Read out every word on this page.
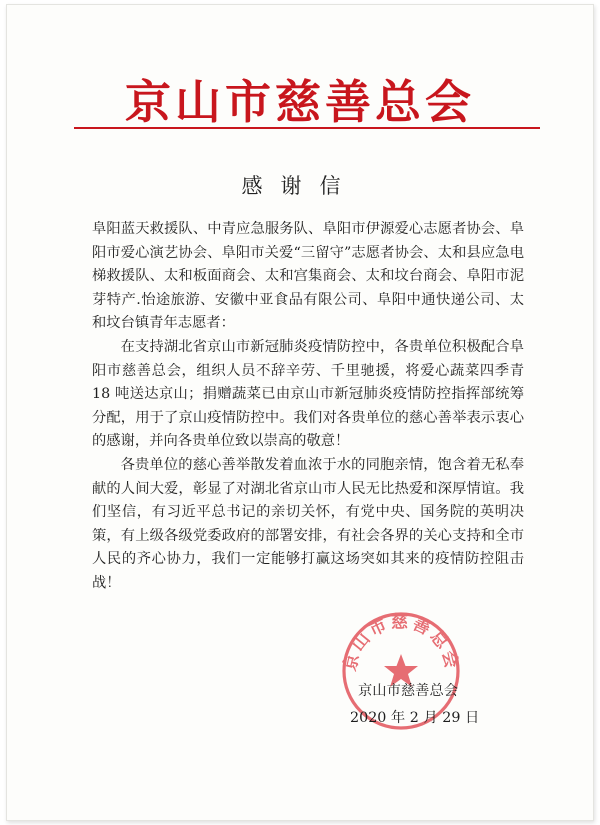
京山市慈善总会
感谢信

阜阳蓝天救援队、中青应急服务队、阜阳市伊源爱心志愿者协会、阜阳市爱心演艺协会、阜阳市关爱“三留守”志愿者协会、太和县应急电梯救援队、太和板面商会、太和宫集商会、太和坟台商会、阜阳市泥芽特产.怡途旅游、安徽中亚食品有限公司、阜阳中通快递公司、太和坟台镇青年志愿者：

在支持湖北省京山市新冠肺炎疫情防控中，各贵单位积极配合阜阳市慈善总会，组织人员不辞辛劳、千里驰援，将爱心蔬菜四季青 18 吨送达京山；捐赠蔬菜已由京山市新冠肺炎疫情防控指挥部统筹分配，用于了京山疫情防控中。我们对各贵单位的慈心善举表示衷心的感谢，并向各贵单位致以崇高的敬意！

各贵单位的慈心善举散发着血浓于水的同胞亲情，饱含着无私奉献的人间大爱，彰显了对湖北省京山市人民无比热爱和深厚情谊。我们坚信，有习近平总书记的亲切关怀，有党中央、国务院的英明决策，有上级各级党委政府的部署安排，有社会各界的关心支持和全市人民的齐心协力，我们一定能够打赢这场突如其来的疫情防控阻击战！

京山市慈善总会
京山市慈善总会
2020 年 2 月 29 日
